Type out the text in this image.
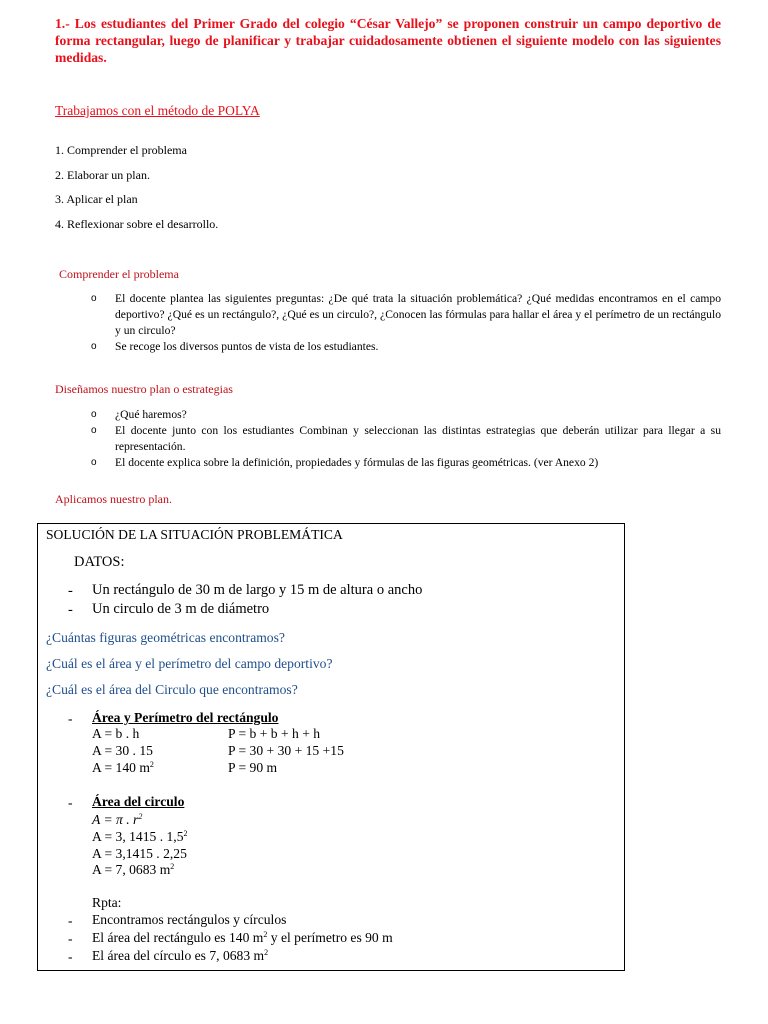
1.- Los estudiantes del Primer Grado del colegio “César Vallejo” se proponen construir un campo deportivo de forma rectangular, luego de planificar y trabajar cuidadosamente obtienen el siguiente modelo con las siguientes medidas.
Trabajamos con el método de POLYA
1. Comprender el problema
2. Elaborar un plan.
3. Aplicar el plan
4. Reflexionar sobre el desarrollo.
Comprender el problema
o El docente plantea las siguientes preguntas: ¿De qué trata la situación problemática? ¿Qué medidas encontramos en el campo deportivo? ¿Qué es un rectángulo?, ¿Qué es un circulo?, ¿Conocen las fórmulas para hallar el área y el perímetro de un rectángulo y un circulo?
o Se recoge los diversos puntos de vista de los estudiantes.
Diseñamos nuestro plan o estrategias
o ¿Qué haremos?
o El docente junto con los estudiantes Combinan y seleccionan las distintas estrategias que deberán utilizar para llegar a su representación.
o El docente explica sobre la definición, propiedades y fórmulas de las figuras geométricas. (ver Anexo 2)
Aplicamos nuestro plan.
SOLUCIÓN DE LA SITUACIÓN PROBLEMÁTICA
DATOS:
- Un rectángulo de 30 m de largo y 15 m de altura o ancho
- Un circulo de 3 m de diámetro
¿Cuántas figuras geométricas encontramos?
¿Cuál es el área y el perímetro del campo deportivo?
¿Cuál es el área del Circulo que encontramos?
- Área y Perímetro del rectángulo
A = b . h
A = 30 . 15
A = 140 $m^2$
P = b + b + h + h
P = 30 + 30 + 15 +15
P = 90 m
- Área del circulo
A = π . $r^2$
A = 3, 1415 . $1,5^2$
A = 3,1415 . 2,25
A = 7, 0683 $m^2$
Rpta:
- Encontramos rectángulos y círculos
- El área del rectángulo es 140 $m^2$ y el perímetro es 90 m
- El área del círculo es 7, 0683 $m^2$
